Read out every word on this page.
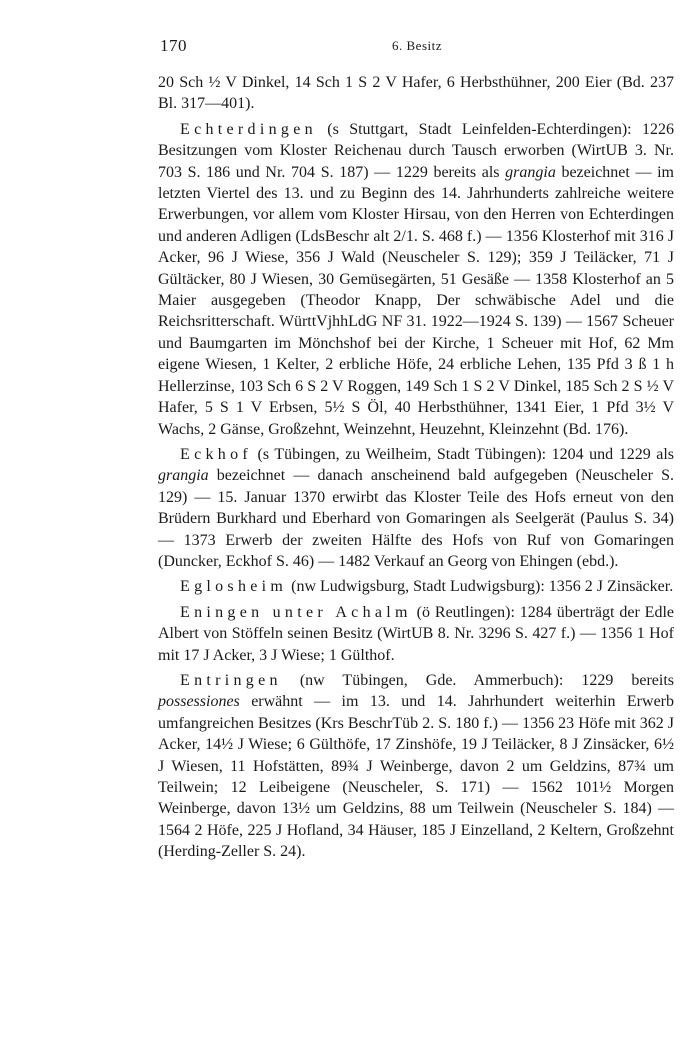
170	6. Besitz

20 Sch ½ V Dinkel, 14 Sch 1 S 2 V Hafer, 6 Herbsthühner, 200 Eier (Bd. 237 Bl. 317—401).

Echterdingen (s Stuttgart, Stadt Leinfelden-Echterdingen): 1226 Besitzungen vom Kloster Reichenau durch Tausch erworben (WirtUB 3. Nr. 703 S. 186 und Nr. 704 S. 187) — 1229 bereits als grangia bezeichnet — im letzten Viertel des 13. und zu Beginn des 14. Jahrhunderts zahlreiche weitere Erwerbungen, vor allem vom Kloster Hirsau, von den Herren von Echterdingen und anderen Adligen (LdsBeschr alt 2/1. S. 468 f.) — 1356 Klosterhof mit 316 J Acker, 96 J Wiese, 356 J Wald (Neuscheler S. 129); 359 J Teiläcker, 71 J Gültäcker, 80 J Wiesen, 30 Gemüsegärten, 51 Gesäße — 1358 Klosterhof an 5 Maier ausgegeben (Theodor Knapp, Der schwäbische Adel und die Reichsritterschaft. WürttVjhhLdG NF 31. 1922—1924 S. 139) — 1567 Scheuer und Baumgarten im Mönchshof bei der Kirche, 1 Scheuer mit Hof, 62 Mm eigene Wiesen, 1 Kelter, 2 erbliche Höfe, 24 erbliche Lehen, 135 Pfd 3 ß 1 h Hellerzinse, 103 Sch 6 S 2 V Roggen, 149 Sch 1 S 2 V Dinkel, 185 Sch 2 S ½ V Hafer, 5 S 1 V Erbsen, 5½ S Öl, 40 Herbsthühner, 1341 Eier, 1 Pfd 3½ V Wachs, 2 Gänse, Großzehnt, Weinzehnt, Heuzehnt, Kleinzehnt (Bd. 176).

Eckhof (s Tübingen, zu Weilheim, Stadt Tübingen): 1204 und 1229 als grangia bezeichnet — danach anscheinend bald aufgegeben (Neuscheler S. 129) — 15. Januar 1370 erwirbt das Kloster Teile des Hofs erneut von den Brüdern Burkhard und Eberhard von Gomaringen als Seelgerät (Paulus S. 34) — 1373 Erwerb der zweiten Hälfte des Hofs von Ruf von Gomaringen (Duncker, Eckhof S. 46) — 1482 Verkauf an Georg von Ehingen (ebd.).

Eglosheim (nw Ludwigsburg, Stadt Ludwigsburg): 1356 2 J Zinsäcker.

Eningen unter Achalm (ö Reutlingen): 1284 überträgt der Edle Albert von Stöffeln seinen Besitz (WirtUB 8. Nr. 3296 S. 427 f.) — 1356 1 Hof mit 17 J Acker, 3 J Wiese; 1 Gülthof.

Entringen (nw Tübingen, Gde. Ammerbuch): 1229 bereits possessiones erwähnt — im 13. und 14. Jahrhundert weiterhin Erwerb umfangreichen Besitzes (Krs BeschrTüb 2. S. 180 f.) — 1356 23 Höfe mit 362 J Acker, 14½ J Wiese; 6 Gülthöfe, 17 Zinshöfe, 19 J Teiläcker, 8 J Zinsäcker, 6½ J Wiesen, 11 Hofstätten, 89¾ J Weinberge, davon 2 um Geldzins, 87¾ um Teilwein; 12 Leibeigene (Neuscheler, S. 171) — 1562 101½ Morgen Weinberge, davon 13½ um Geldzins, 88 um Teilwein (Neuscheler S. 184) — 1564 2 Höfe, 225 J Hofland, 34 Häuser, 185 J Einzelland, 2 Keltern, Großzehnt (Herding-Zeller S. 24).
